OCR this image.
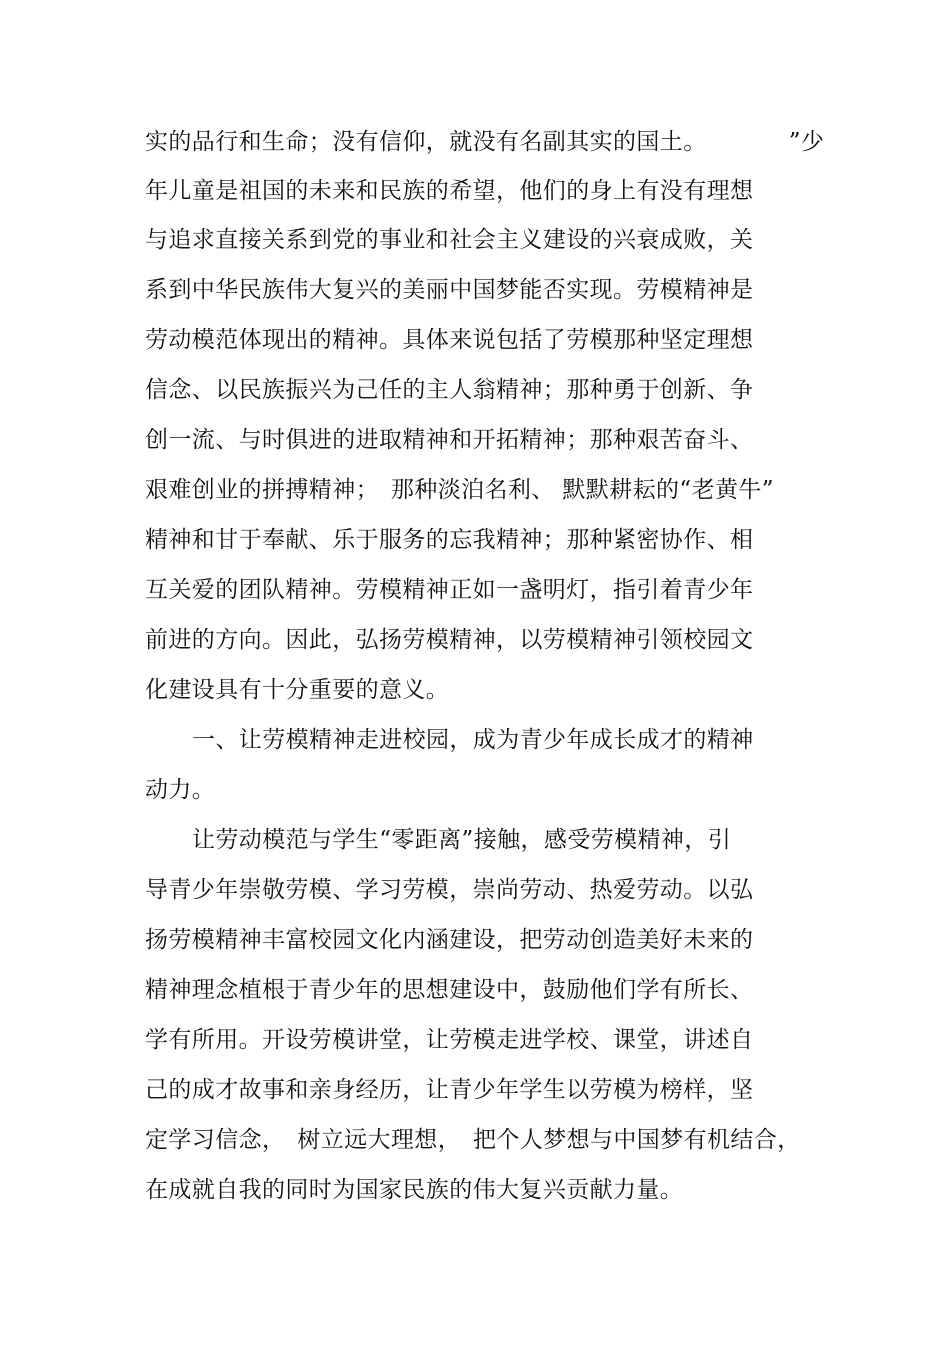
实的品行和生命；没有信仰，就没有名副其实的国土。　　　　”少
年儿童是祖国的未来和民族的希望，他们的身上有没有理想
与追求直接关系到党的事业和社会主义建设的兴衰成败，关
系到中华民族伟大复兴的美丽中国梦能否实现。劳模精神是
劳动模范体现出的精神。具体来说包括了劳模那种坚定理想
信念、以民族振兴为己任的主人翁精神；那种勇于创新、争
创一流、与时俱进的进取精神和开拓精神；那种艰苦奋斗、
艰难创业的拼搏精神；　那种淡泊名利、 默默耕耘的“老黄牛”
精神和甘于奉献、乐于服务的忘我精神；那种紧密协作、相
互关爱的团队精神。劳模精神正如一盏明灯，指引着青少年
前进的方向。因此，弘扬劳模精神，以劳模精神引领校园文
化建设具有十分重要的意义。
一、让劳模精神走进校园，成为青少年成长成才的精神
动力。
让劳动模范与学生“零距离”接触，感受劳模精神，引
导青少年崇敬劳模、学习劳模，崇尚劳动、热爱劳动。以弘
扬劳模精神丰富校园文化内涵建设，把劳动创造美好未来的
精神理念植根于青少年的思想建设中，鼓励他们学有所长、
学有所用。开设劳模讲堂，让劳模走进学校、课堂，讲述自
己的成才故事和亲身经历，让青少年学生以劳模为榜样，坚
定学习信念，　树立远大理想，　把个人梦想与中国梦有机结合，
在成就自我的同时为国家民族的伟大复兴贡献力量。
